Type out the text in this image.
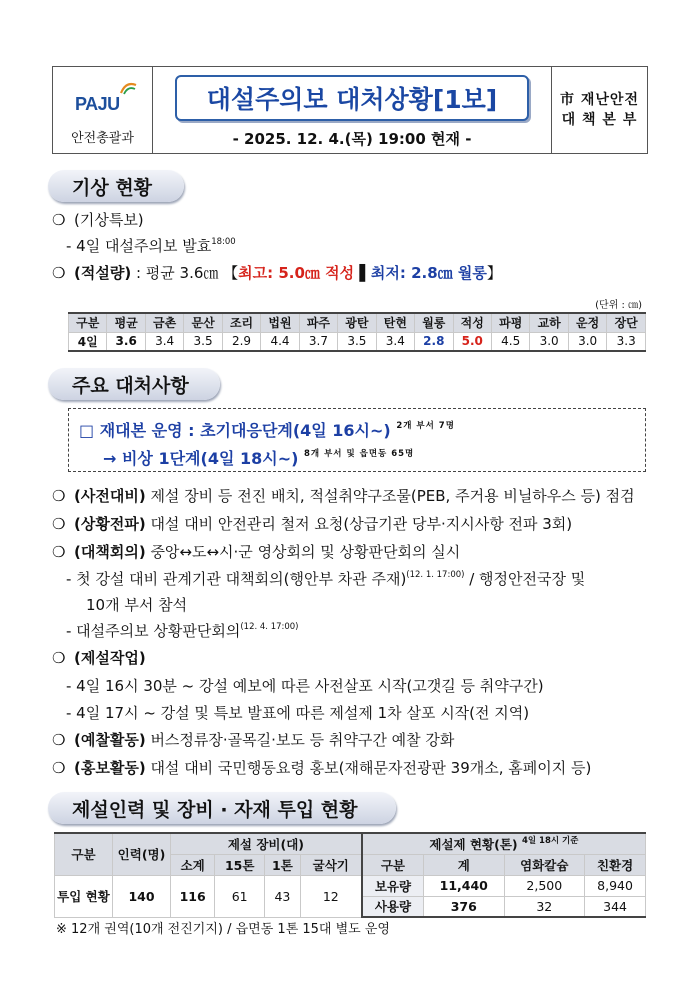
PAJU
안전총괄과
대설주의보 대처상황[1보]
- 2025. 12. 4.(목) 19:00 현재 -
市 재난안전
대 책 본 부
기상 현황
❍ (기상특보)
- 4일 대설주의보 발효$^{18:00}$
❍ (적설량) : 평균 3.6㎝ 【최고: 5.0㎝ 적성 ▌최저: 2.8㎝ 월롱】
(단위 : ㎝)
구분	평균	금촌	문산	조리	법원	파주	광탄	탄현	월롱	적성	파평	교하	운정	장단
4일	3.6	3.4	3.5	2.9	4.4	3.7	3.5	3.4	2.8	5.0	4.5	3.0	3.0	3.3
주요 대처사항
□ 재대본 운영 : 초기대응단계(4일 16시~) $^{2개 부서 7명}$
→ 비상 1단계(4일 18시~) $^{8개 부서 및 읍면동 65명}$
❍ (사전대비) 제설 장비 등 전진 배치, 적설취약구조물(PEB, 주거용 비닐하우스 등) 점검
❍ (상황전파) 대설 대비 안전관리 철저 요청(상급기관 당부·지시사항 전파 3회)
❍ (대책회의) 중앙↔도↔시·군 영상회의 및 상황판단회의 실시
- 첫 강설 대비 관계기관 대책회의(행안부 차관 주재)$^{(12. 1. 17:00)}$ / 행정안전국장 및
10개 부서 참석
- 대설주의보 상황판단회의$^{(12. 4. 17:00)}$
❍ (제설작업)
- 4일 16시 30분 ~ 강설 예보에 따른 사전살포 시작(고갯길 등 취약구간)
- 4일 17시 ~ 강설 및 특보 발표에 따른 제설제 1차 살포 시작(전 지역)
❍ (예찰활동) 버스정류장·골목길·보도 등 취약구간 예찰 강화
❍ (홍보활동) 대설 대비 국민행동요령 홍보(재해문자전광판 39개소, 홈페이지 등)
제설인력 및 장비 · 자재 투입 현황
구분	인력(명)	제설 장비(대)				제설제 현황(톤) $^{4일 18시 기준}$
		소계	15톤	1톤	굴삭기	구분	계	염화칼슘	친환경
투입 현황	140	116	61	43	12	보유량	11,440	2,500	8,940
						사용량	376	32	344
※ 12개 권역(10개 전진기지) / 읍면동 1톤 15대 별도 운영
